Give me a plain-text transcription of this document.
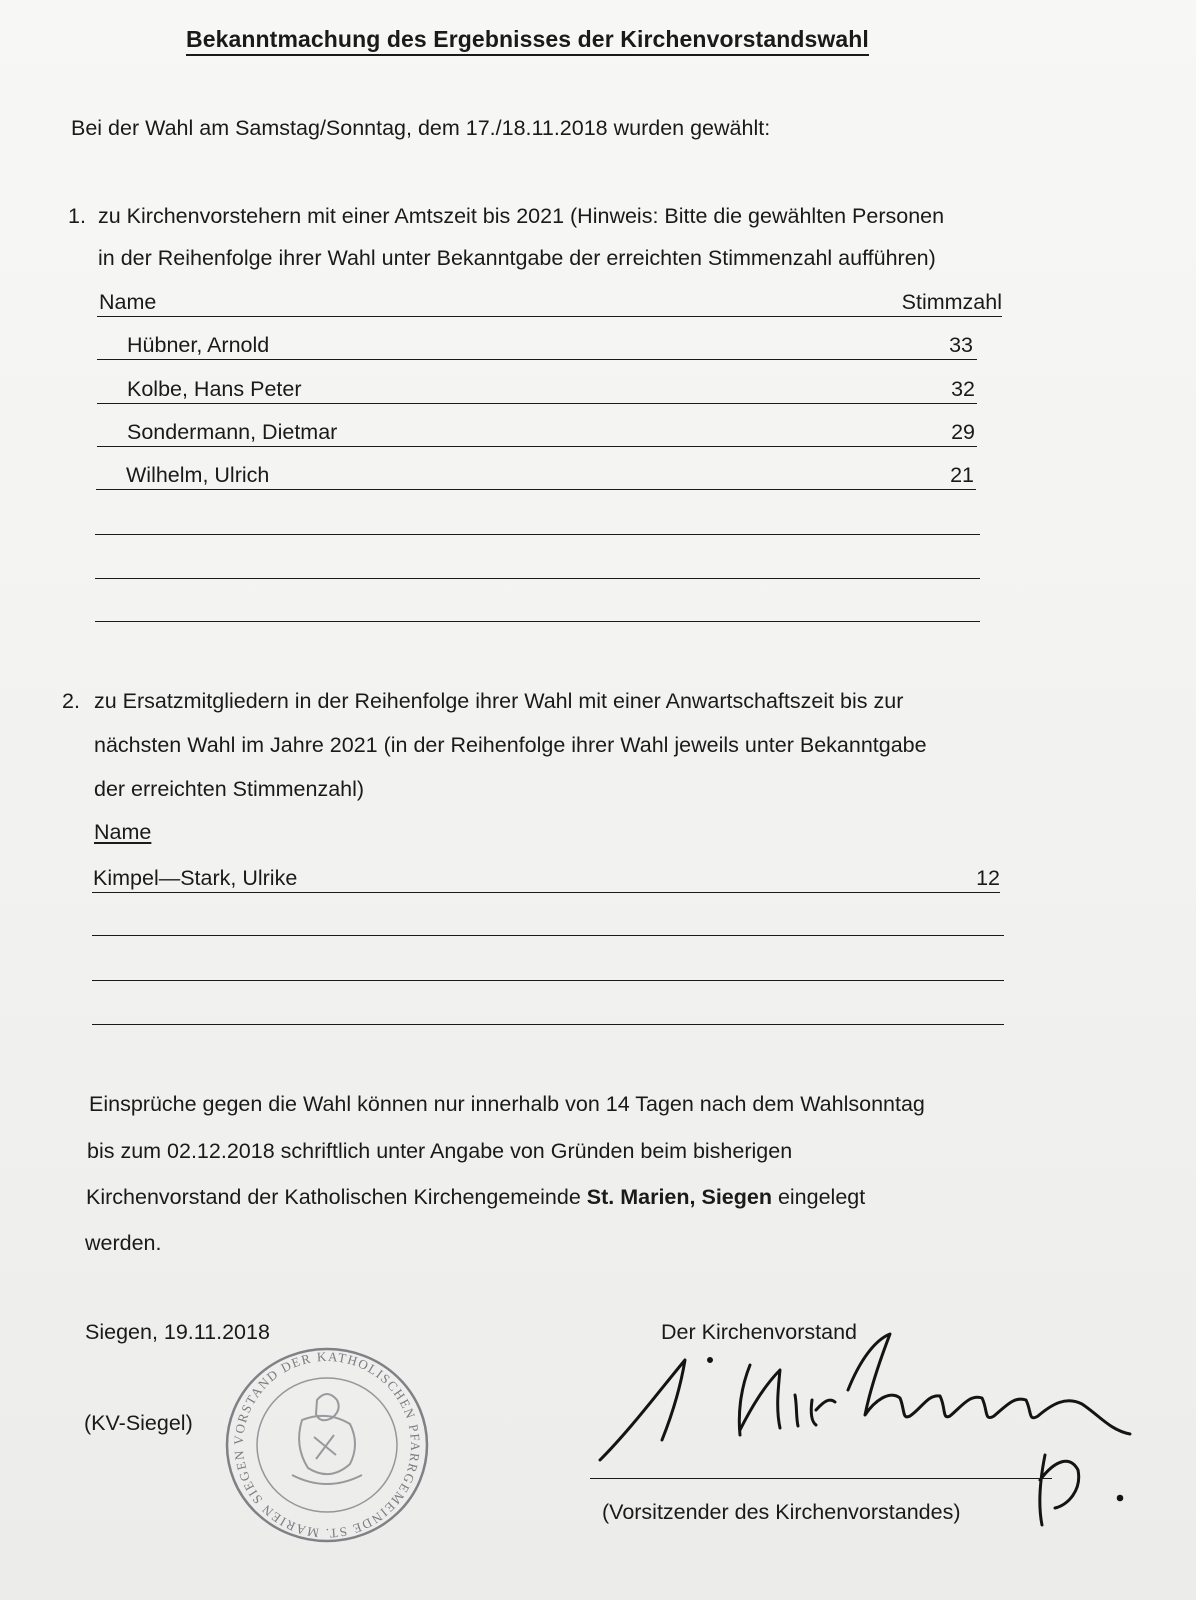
Bekanntmachung des Ergebnisses der Kirchenvorstandswahl
Bei der Wahl am Samstag/Sonntag, dem 17./18.11.2018 wurden gewählt:
1. zu Kirchenvorstehern mit einer Amtszeit bis 2021 (Hinweis: Bitte die gewählten Personen
in der Reihenfolge ihrer Wahl unter Bekanntgabe der erreichten Stimmenzahl aufführen)
Name	Stimmzahl
Hübner, Arnold	33
Kolbe, Hans Peter	32
Sondermann, Dietmar	29
Wilhelm, Ulrich	21
2. zu Ersatzmitgliedern in der Reihenfolge ihrer Wahl mit einer Anwartschaftszeit bis zur
nächsten Wahl im Jahre 2021 (in der Reihenfolge ihrer Wahl jeweils unter Bekanntgabe
der erreichten Stimmenzahl)
Name
Kimpel—Stark, Ulrike	12
Einsprüche gegen die Wahl können nur innerhalb von 14 Tagen nach dem Wahlsonntag
bis zum 02.12.2018 schriftlich unter Angabe von Gründen beim bisherigen
Kirchenvorstand der Katholischen Kirchengemeinde St. Marien, Siegen eingelegt
werden.
Siegen, 19.11.2018	Der Kirchenvorstand
(KV-Siegel)
VORSTAND DER KATHOLISCHEN PFARRGEMEINDE ST. MARIEN SIEGEN
(Vorsitzender des Kirchenvorstandes)
